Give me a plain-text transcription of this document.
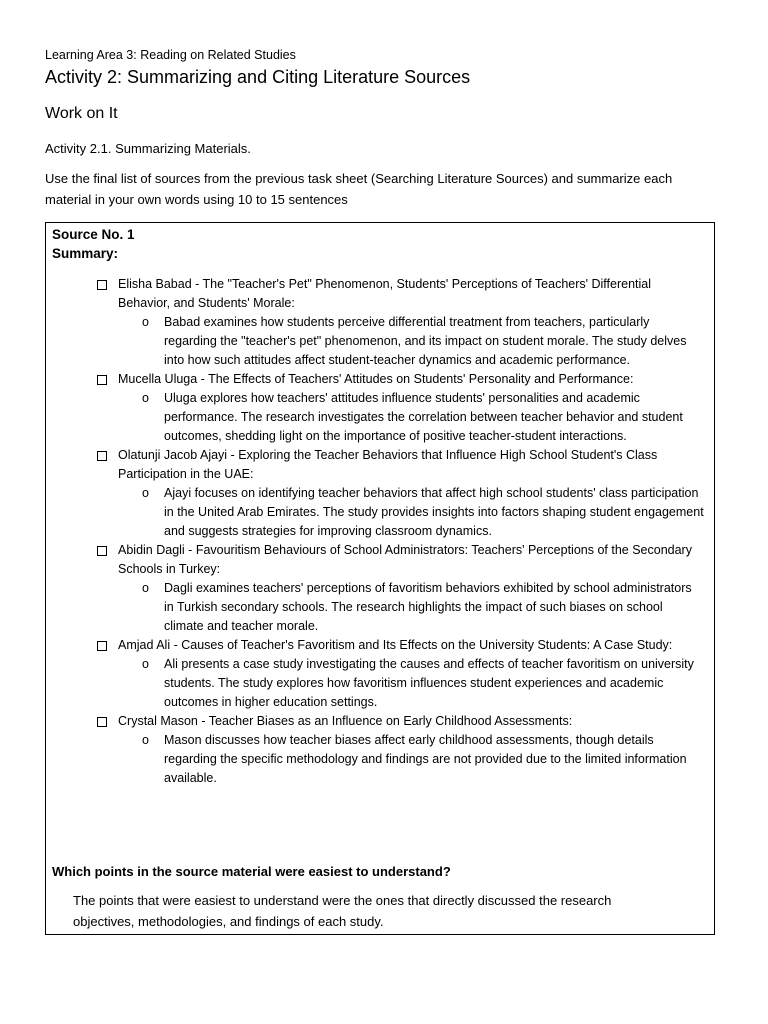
Learning Area 3: Reading on Related Studies
Activity 2: Summarizing and Citing Literature Sources
Work on It
Activity 2.1. Summarizing Materials.
Use the final list of sources from the previous task sheet (Searching Literature Sources) and summarize each material in your own words using 10 to 15 sentences
Source No. 1
Summary:
Elisha Babad - The "Teacher's Pet" Phenomenon, Students' Perceptions of Teachers' Differential Behavior, and Students' Morale:
o Babad examines how students perceive differential treatment from teachers, particularly regarding the "teacher's pet" phenomenon, and its impact on student morale. The study delves into how such attitudes affect student-teacher dynamics and academic performance.
Mucella Uluga - The Effects of Teachers' Attitudes on Students' Personality and Performance:
o Uluga explores how teachers' attitudes influence students' personalities and academic performance. The research investigates the correlation between teacher behavior and student outcomes, shedding light on the importance of positive teacher-student interactions.
Olatunji Jacob Ajayi - Exploring the Teacher Behaviors that Influence High School Student's Class Participation in the UAE:
o Ajayi focuses on identifying teacher behaviors that affect high school students' class participation in the United Arab Emirates. The study provides insights into factors shaping student engagement and suggests strategies for improving classroom dynamics.
Abidin Dagli - Favouritism Behaviours of School Administrators: Teachers' Perceptions of the Secondary Schools in Turkey:
o Dagli examines teachers' perceptions of favoritism behaviors exhibited by school administrators in Turkish secondary schools. The research highlights the impact of such biases on school climate and teacher morale.
Amjad Ali - Causes of Teacher's Favoritism and Its Effects on the University Students: A Case Study:
o Ali presents a case study investigating the causes and effects of teacher favoritism on university students. The study explores how favoritism influences student experiences and academic outcomes in higher education settings.
Crystal Mason - Teacher Biases as an Influence on Early Childhood Assessments:
o Mason discusses how teacher biases affect early childhood assessments, though details regarding the specific methodology and findings are not provided due to the limited information available.
Which points in the source material were easiest to understand?
The points that were easiest to understand were the ones that directly discussed the research objectives, methodologies, and findings of each study.
